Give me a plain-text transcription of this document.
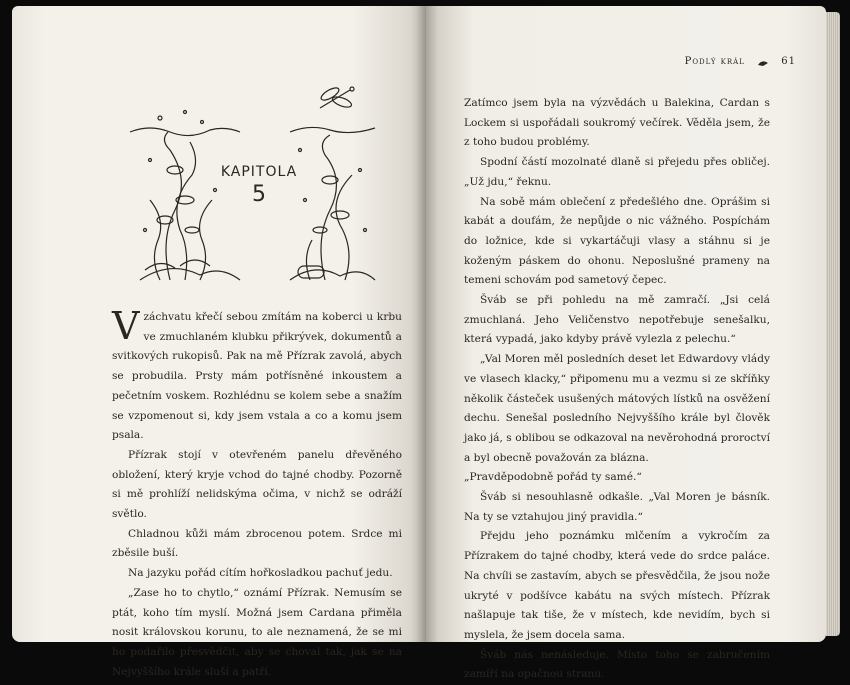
KAPITOLA
5

Vzáchvatu křečí sebou zmítám na koberci u krbu ve zmuchlaném klubku přikrývek, dokumentů a svitkových rukopisů. Pak na mě Přízrak zavolá, abych se probudila. Prsty mám potřísněné inkoustem a pečetním voskem. Rozhlédnu se kolem sebe a snažím se vzpomenout si, kdy jsem vstala a co a komu jsem psala.

Přízrak stojí v otevřeném panelu dřevěného obložení, který kryje vchod do tajné chodby. Pozorně si mě prohlíží nelidskýma očima, v nichž se odráží světlo.

Chladnou kůži mám zbrocenou potem. Srdce mi zběsile buší.

Na jazyku pořád cítím hořkosladkou pachuť jedu.

„Zase ho to chytlo,“ oznámí Přízrak. Nemusím se ptát, koho tím myslí. Možná jsem Cardana přiměla nosit královskou korunu, to ale neznamená, že se mi ho podařilo přesvědčit, aby se choval tak, jak se na Nejvyššího krále sluší a patří.

Podlý král	61

Zatímco jsem byla na výzvědách u Balekina, Cardan s Lockem si uspořádali soukromý večírek. Věděla jsem, že z toho budou problémy.

Spodní částí mozolnaté dlaně si přejedu přes obličej. „Už jdu,“ řeknu.

Na sobě mám oblečení z předešlého dne. Oprášim si kabát a doufám, že nepůjde o nic vážného. Pospíchám do ložnice, kde si vykartáčuji vlasy a stáhnu si je koženým páskem do ohonu. Neposlušné prameny na temeni schovám pod sametový čepec.

Šváb se při pohledu na mě zamračí. „Jsi celá zmuchlaná. Jeho Veličenstvo nepotřebuje senešalku, která vypadá, jako kdyby právě vylezla z pelechu.“

„Val Moren měl posledních deset let Edwardovy vlády ve vlasech klacky,“ připomenu mu a vezmu si ze skříňky několik částeček usušených mátových lístků na osvěžení dechu. Senešal posledního Nejvyššího krále byl člověk jako já, s oblibou se odkazoval na nevěrohodná proroctví a byl obecně považován za blázna.

„Pravděpodobně pořád ty samé.“

Šváb si nesouhlasně odkašle. „Val Moren je básník. Na ty se vztahujou jiný pravidla.“

Přejdu jeho poznámku mlčením a vykročím za Přízrakem do tajné chodby, která vede do srdce paláce. Na chvíli se zastavím, abych se přesvědčila, že jsou nože ukryté v podšívce kabátu na svých místech. Přízrak našlapuje tak tiše, že v místech, kde nevidím, bych si myslela, že jsem docela sama.

Šváb nás nenásleduje. Místo toho se zabručením zamíří na opačnou stranu.
